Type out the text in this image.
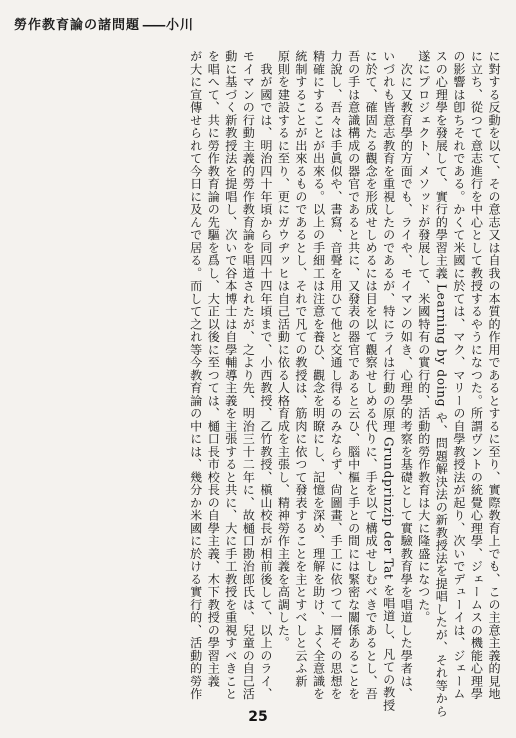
勞作教育論の諸問題 —— 小川
に對する反動を以て、その意志又は自我の本質的作用であるとするに至り、實際教育上でも、この主意主義的見地
に立ち、從つて意志進行を中心として教授するやうになつた。所謂ヴントの統覺心理學、ジェームスの機能心理學
の影響は卽ちそれである。かくて米國に於ては、マク、マリーの自學教授法が起り、次いでデューイは、ジェーム
スの心理學を發展して、實行的學習主義 Learning by doing や、問題解決法の新教授法を提唱したが、それ等から
遂にプロジェクト、メソッドが發展して、米國特有の實行的、活動的勞作教育は大に隆盛になつた。
　次に又教育學的方面でも、ライや、モイマンの如き、心理學的考察を基礎として實驗教育學を唱道した學者は、
いづれも皆意志教育を重視したのであるが、特にライは行動の原理 Grundprinzip der Tat を唱道し、凡ての教授
に於て、確固たる觀念を形成せしめるには目を以て觀察せしめる代りに、手を以て構成せしむべきであるとし、吾
吾の手は意識構成の器官であると共に、又發表の器官であると云ひ、腦中樞と手との間には緊密な關係あることを
力說し、吾々は手眞似や、書寫、音聲を用ひて他と交通し得るのみならず、尙圖畫、手工に依つて一層その思想を
精確にすることが出來る。以上の手細工は注意を養ひ、觀念を明瞭にし、記憶を深め、理解を助け、よく全意識を
統制することが出來るものであるとし、それで凡ての教授は、筋肉に依つて發表することを主とすべしと云ふ新
原則を建設するに至り、更にガウヂッヒは自己活動に依る人格育成を主張し、精神勞作主義を高調した。
　我が國では、明治四十年頃から同四十四年頃まで、小西教授、乙竹教授、槇山校長が相前後して、以上のライ、
モイマンの行動主義的勞作教育論を唱道されたが、之より先、明治三十二年に、故樋口勘治郎氏は、兒童の自己活
動に基づく新教授法を提唱し、次いで谷本博士は自學輔導主義を主張すると共に、大に手工教授を重視すべきこと
を唱へて、共に勞作教育論の先驅を爲し、大正以後に至つては、樋口長市校長の自學主義、木下教授の學習主義
が大に宣傳せられて今日に及んで居る。而して之れ等今教育論の中には、幾分か米國に於ける實行的、活動的勞作
25
